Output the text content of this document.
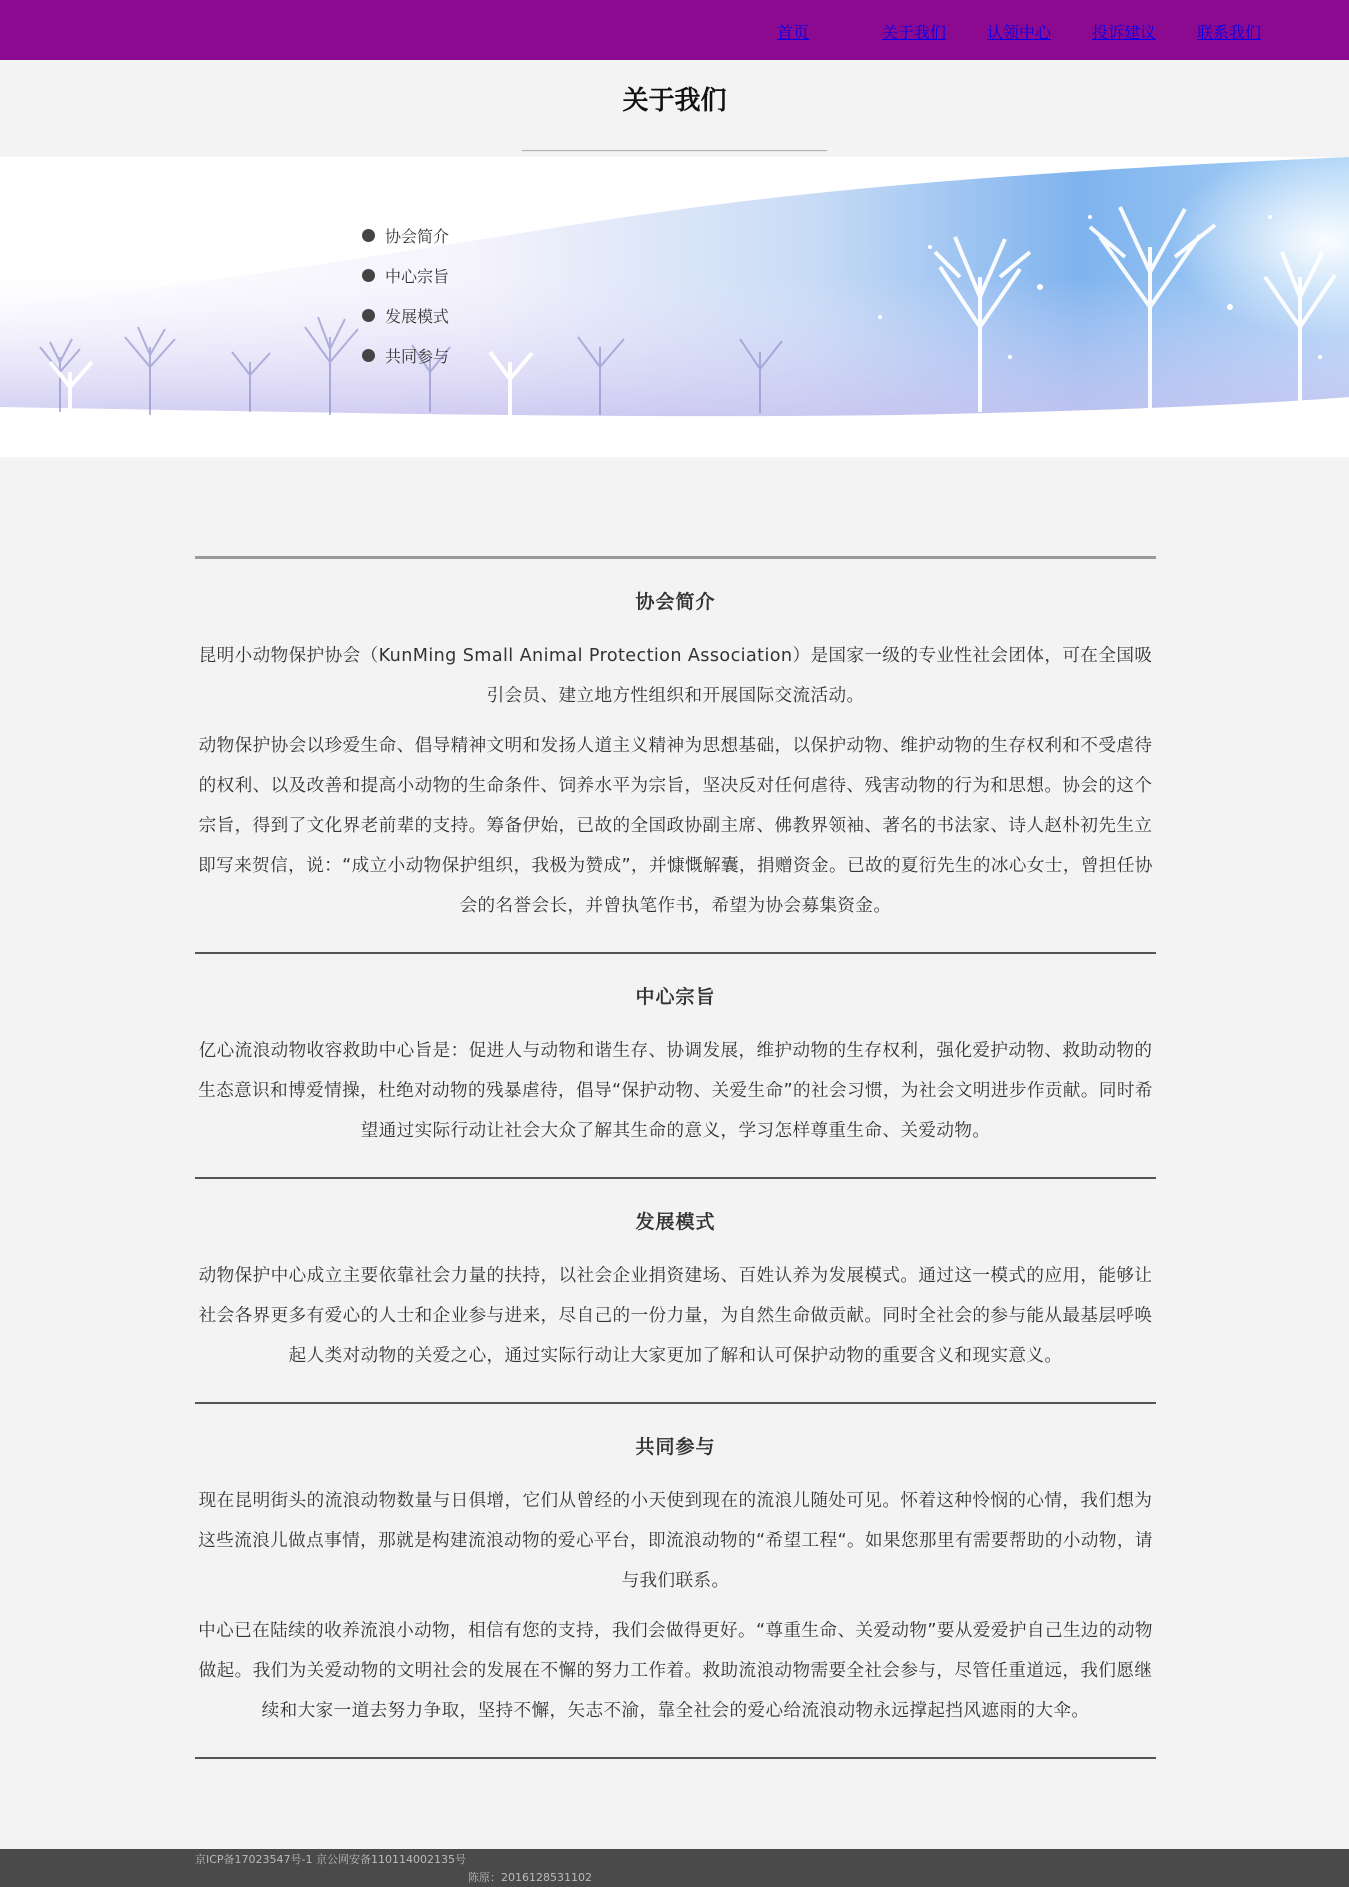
首页	关于我们	认领中心	投诉建议	联系我们
关于我们
_______________________________________
协会简介
中心宗旨
发展模式
共同参与
协会简介

昆明小动物保护协会（KunMing Small Animal Protection Association）是国家一级的专业性社会团体，可在全国吸引会员、建立地方性组织和开展国际交流活动。

动物保护协会以珍爱生命、倡导精神文明和发扬人道主义精神为思想基础，以保护动物、维护动物的生存权利和不受虐待的权利、以及改善和提高小动物的生命条件、饲养水平为宗旨，坚决反对任何虐待、残害动物的行为和思想。协会的这个宗旨，得到了文化界老前辈的支持。筹备伊始，已故的全国政协副主席、佛教界领袖、著名的书法家、诗人赵朴初先生立即写来贺信，说：“成立小动物保护组织，我极为赞成”，并慷慨解囊，捐赠资金。已故的夏衍先生的冰心女士，曾担任协会的名誉会长，并曾执笔作书，希望为协会募集资金。

中心宗旨

亿心流浪动物收容救助中心旨是：促进人与动物和谐生存、协调发展，维护动物的生存权利，强化爱护动物、救助动物的生态意识和博爱情操，杜绝对动物的残暴虐待，倡导“保护动物、关爱生命”的社会习惯，为社会文明进步作贡献。同时希望通过实际行动让社会大众了解其生命的意义，学习怎样尊重生命、关爱动物。

发展模式

动物保护中心成立主要依靠社会力量的扶持，以社会企业捐资建场、百姓认养为发展模式。通过这一模式的应用，能够让社会各界更多有爱心的人士和企业参与进来，尽自己的一份力量，为自然生命做贡献。同时全社会的参与能从最基层呼唤起人类对动物的关爱之心，通过实际行动让大家更加了解和认可保护动物的重要含义和现实意义。

共同参与

现在昆明街头的流浪动物数量与日俱增，它们从曾经的小天使到现在的流浪儿随处可见。怀着这种怜悯的心情，我们想为这些流浪儿做点事情，那就是构建流浪动物的爱心平台，即流浪动物的“希望工程“。如果您那里有需要帮助的小动物，请与我们联系。

中心已在陆续的收养流浪小动物，相信有您的支持，我们会做得更好。“尊重生命、关爱动物”要从爱爱护自己生边的动物做起。我们为关爱动物的文明社会的发展在不懈的努力工作着。救助流浪动物需要全社会参与，尽管任重道远，我们愿继续和大家一道去努力争取，坚持不懈，矢志不渝，靠全社会的爱心给流浪动物永远撑起挡风遮雨的大伞。

京ICP备17023547号-1 京公网安备110114002135号
陈原：2016128531102
